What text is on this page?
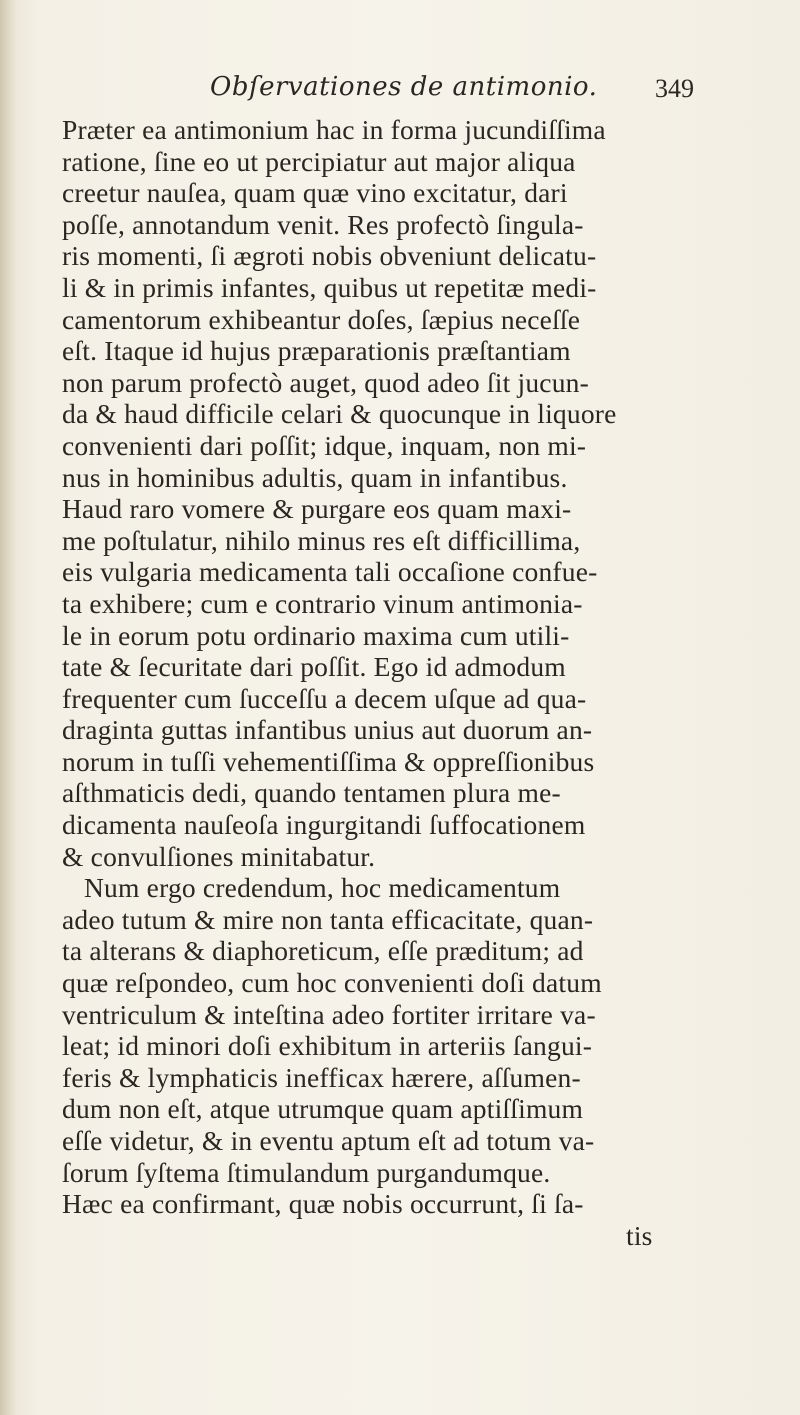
Obſervationes de antimonio. 349
Præter ea antimonium hac in forma jucundiſſima
ratione, ſine eo ut percipiatur aut major aliqua
creetur nauſea, quam quæ vino excitatur, dari
poſſe, annotandum venit. Res profectò ſingula-
ris momenti, ſi ægroti nobis obveniunt delicatu-
li & in primis infantes, quibus ut repetitæ medi-
camentorum exhibeantur doſes, ſæpius neceſſe
eſt. Itaque id hujus præparationis præſtantiam
non parum profectò auget, quod adeo ſit jucun-
da & haud difficile celari & quocunque in liquore
convenienti dari poſſit; idque, inquam, non mi-
nus in hominibus adultis, quam in infantibus.
Haud raro vomere & purgare eos quam maxi-
me poſtulatur, nihilo minus res eſt difficillima,
eis vulgaria medicamenta tali occaſione confue-
ta exhibere; cum e contrario vinum antimonia-
le in eorum potu ordinario maxima cum utili-
tate & ſecuritate dari poſſit. Ego id admodum
frequenter cum ſucceſſu a decem uſque ad qua-
draginta guttas infantibus unius aut duorum an-
norum in tuſſi vehementiſſima & oppreſſionibus
aſthmaticis dedi, quando tentamen plura me-
dicamenta nauſeoſa ingurgitandi ſuffocationem
& convulſiones minitabatur.
Num ergo credendum, hoc medicamentum
adeo tutum & mire non tanta efficacitate, quan-
ta alterans & diaphoreticum, eſſe præditum; ad
quæ reſpondeo, cum hoc convenienti doſi datum
ventriculum & inteſtina adeo fortiter irritare va-
leat; id minori doſi exhibitum in arteriis ſangui-
feris & lymphaticis inefficax hærere, aſſumen-
dum non eſt, atque utrumque quam aptiſſimum
eſſe videtur, & in eventu aptum eſt ad totum va-
ſorum ſyſtema ſtimulandum purgandumque.
Hæc ea confirmant, quæ nobis occurrunt, ſi ſa-
tis
